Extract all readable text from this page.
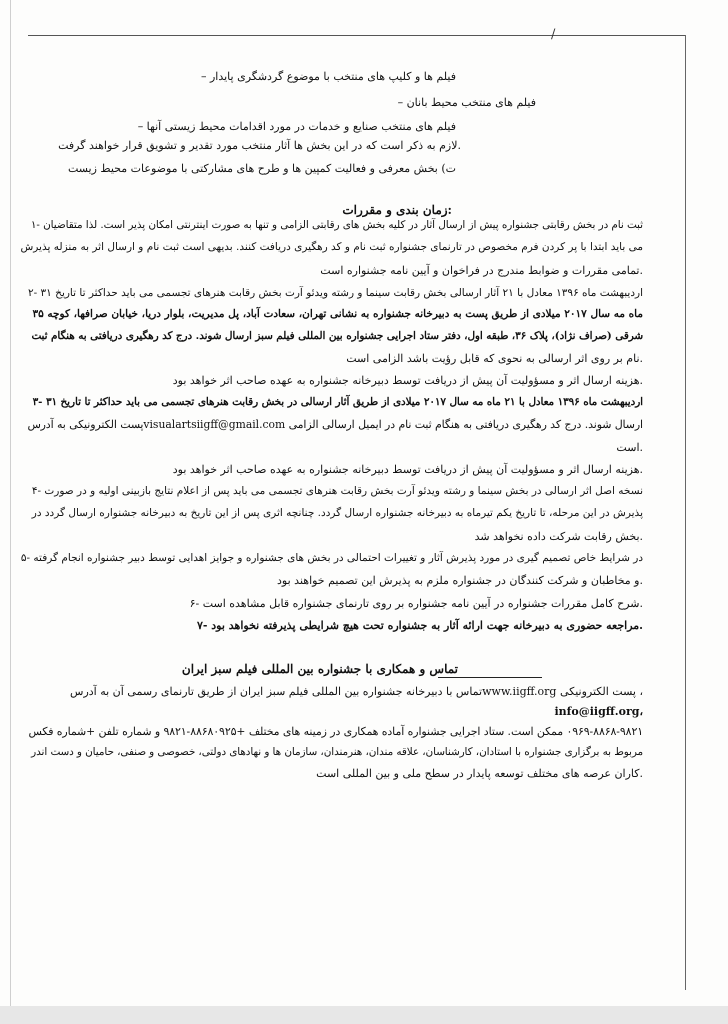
/
فیلم ها و کلیپ های منتخب با موضوع گردشگری پایدار –
فیلم های منتخب محیط بانان –
فیلم های منتخب صنایع و خدمات در مورد اقدامات محیط زیستی آنها –
.لازم به ذکر است که در این بخش ها آثار منتخب مورد تقدیر و تشویق قرار خواهند گرفت
ت) بخش معرفی و فعالیت کمپین ها و طرح های مشارکتی با موضوعات محیط زیست
:زمان بندی و مقررات
ثبت نام در بخش رقابتی جشنواره پیش از ارسال آثار در کلیه بخش های رقابتی الزامی و تنها به صورت اینترنتی امکان پذیر است. لذا متقاضیان -۱
می باید ابتدا با پر کردن فرم مخصوص در تارنمای جشنواره ثبت نام و کد رهگیری دریافت کنند. بدیهی است ثبت نام و ارسال اثر به منزله پذیرش
.تمامی مقررات و ضوابط مندرج در فراخوان و آیین نامه جشنواره است
اردیبهشت ماه ۱۳۹۶ معادل با ۲۱ آثار ارسالی بخش رقابت سینما و رشته ویدئو آرت بخش رقابت هنرهای تجسمی می باید حداکثر تا تاریخ ۳۱ -۲
ماه مه سال ۲۰۱۷ میلادی از طریق پست به دبیرخانه جشنواره به نشانی تهران، سعادت آباد، پل مدیریت، بلوار دریا، خیابان صرافها، کوچه ۳۵
شرقی (صراف نژاد)، پلاک ۳۶، طبقه اول، دفتر ستاد اجرایی جشنواره بین المللی فیلم سبز ارسال شوند. درج کد رهگیری دریافتی به هنگام ثبت
.نام بر روی اثر ارسالی به نحوی که قابل رؤیت باشد الزامی است
.هزینه ارسال اثر و مسؤولیت آن پیش از دریافت توسط دبیرخانه جشنواره به عهده صاحب اثر خواهد بود
اردیبهشت ماه ۱۳۹۶ معادل با ۲۱ ماه مه سال ۲۰۱۷ میلادی از طریق آثار ارسالی در بخش رقابت هنرهای تجسمی می باید حداکثر تا تاریخ ۳۱ -۳
ارسال شوند. درج کد رهگیری دریافتی به هنگام ثبت نام در ایمیل ارسالی الزامی visualartsiigff@gmail.comپست الکترونیکی به آدرس
.است
.هزینه ارسال اثر و مسؤولیت آن پیش از دریافت توسط دبیرخانه جشنواره به عهده صاحب اثر خواهد بود
نسخه اصل اثر ارسالی در بخش سینما و رشته ویدئو آرت بخش رقابت هنرهای تجسمی می باید پس از اعلام نتایج بازبینی اولیه و در صورت -۴
پذیرش در این مرحله، تا تاریخ یکم تیرماه به دبیرخانه جشنواره ارسال گردد. چنانچه اثری پس از این تاریخ به دبیرخانه جشنواره ارسال گردد در
.بخش رقابت شرکت داده نخواهد شد
در شرایط خاص تصمیم گیری در مورد پذیرش آثار و تغییرات احتمالی در بخش های جشنواره و جوایز اهدایی توسط دبیر جشنواره انجام گرفته -۵
.و مخاطبان و شرکت کنندگان در جشنواره ملزم به پذیرش این تصمیم خواهند بود
.شرح کامل مقررات جشنواره در آیین نامه جشنواره بر روی تارنمای جشنواره قابل مشاهده است -۶
.مراجعه حضوری به دبیرخانه جهت ارائه آثار به جشنواره تحت هیچ شرایطی پذیرفته نخواهد بود -۷
تماس و همکاری با جشنواره بین المللی فیلم سبز ایران
، پست الکترونیکی www.iigff.orgتماس با دبیرخانه جشنواره بین المللی فیلم سبز ایران از طریق تارنمای رسمی آن به آدرس
info@iigff.org،
۰۹۶۹-۸۸۶۸-۹۸۲۱ ممکن است. ستاد اجرایی جشنواره آماده همکاری در زمینه های مختلف +۸۸۶۸۰۹۲۵-۹۸۲۱ و شماره تلفن +شماره فکس
مربوط به برگزاری جشنواره با استادان، کارشناسان، علاقه مندان، هنرمندان، سازمان ها و نهادهای دولتی، خصوصی و صنفی، حامیان و دست اندر
.کاران عرصه های مختلف توسعه پایدار در سطح ملی و بین المللی است
